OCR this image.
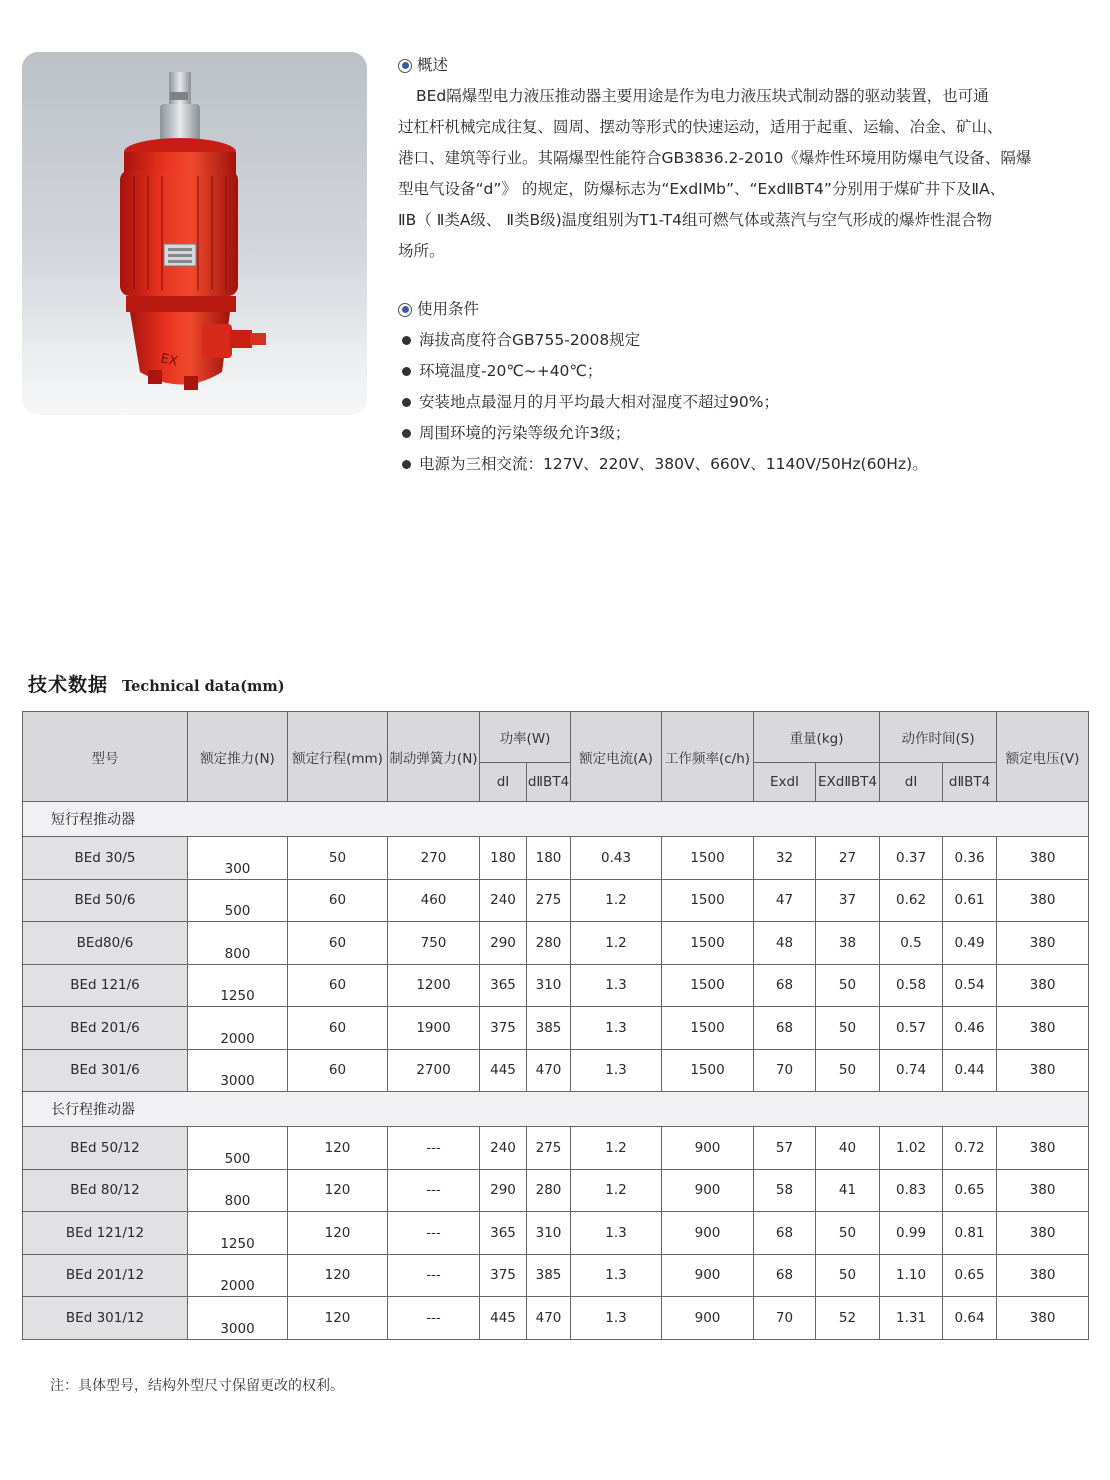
EX
概述
BEd隔爆型电力液压推动器主要用途是作为电力液压块式制动器的驱动装置，也可通
过杠杆机械完成往复、圆周、摆动等形式的快速运动，适用于起重、运输、冶金、矿山、
港口、建筑等行业。其隔爆型性能符合GB3836.2-2010《爆炸性环境用防爆电气设备、隔爆
型电气设备“d”》 的规定，防爆标志为“ExdⅠMb”、“ExdⅡBT4”分别用于煤矿井下及ⅡA、
ⅡB（ Ⅱ类A级、 Ⅱ类B级)温度组别为T1-T4组可燃气体或蒸汽与空气形成的爆炸性混合物
场所。
使用条件
海拔高度符合GB755-2008规定
环境温度-20℃~+40℃；
安装地点最湿月的月平均最大相对湿度不超过90%；
周围环境的污染等级允许3级；
电源为三相交流：127V、220V、380V、660V、1140V/50Hz(60Hz)。
技术数据 Technical data(mm)
型号	额定推力(N)	额定行程(mm)	制动弹簧力(N)	功率(W)		额定电流(A)	工作频率(c/h)	重量(kg)		动作时间(S)		额定电压(V)
				dⅠ	dⅡBT4			ExdⅠ	EXdⅡBT4	dⅠ	dⅡBT4	
短行程推动器												
BEd 30/5	300	50	270	180	180	0.43	1500	32	27	0.37	0.36	380
BEd 50/6	500	60	460	240	275	1.2	1500	47	37	0.62	0.61	380
BEd80/6	800	60	750	290	280	1.2	1500	48	38	0.5	0.49	380
BEd 121/6	1250	60	1200	365	310	1.3	1500	68	50	0.58	0.54	380
BEd 201/6	2000	60	1900	375	385	1.3	1500	68	50	0.57	0.46	380
BEd 301/6	3000	60	2700	445	470	1.3	1500	70	50	0.74	0.44	380
长行程推动器												
BEd 50/12	500	120	---	240	275	1.2	900	57	40	1.02	0.72	380
BEd 80/12	800	120	---	290	280	1.2	900	58	41	0.83	0.65	380
BEd 121/12	1250	120	---	365	310	1.3	900	68	50	0.99	0.81	380
BEd 201/12	2000	120	---	375	385	1.3	900	68	50	1.10	0.65	380
BEd 301/12	3000	120	---	445	470	1.3	900	70	52	1.31	0.64	380
注：具体型号，结构外型尺寸保留更改的权利。
